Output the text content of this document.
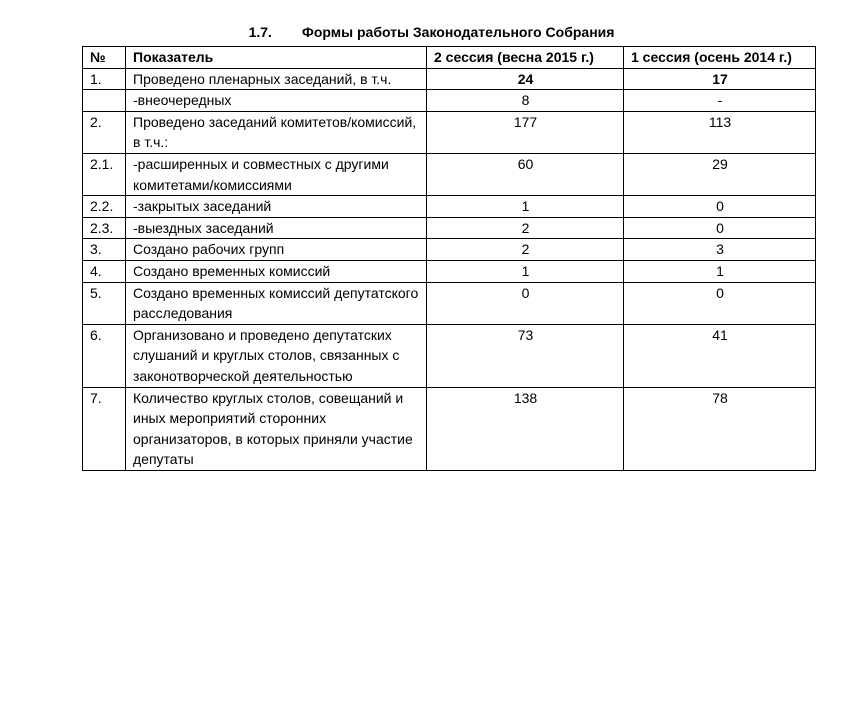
1.7. Формы работы Законодательного Собрания
№	Показатель	2 сессия (весна 2015 г.)	1 сессия (осень 2014 г.)
1.	Проведено пленарных заседаний, в т.ч.	24	17
	-внеочередных	8	-
2.	Проведено заседаний комитетов/комиссий, в т.ч.:	177	113
2.1.	-расширенных и совместных с другими комитетами/комиссиями	60	29
2.2.	-закрытых заседаний	1	0
2.3.	-выездных заседаний	2	0
3.	Создано рабочих групп	2	3
4.	Создано временных комиссий	1	1
5.	Создано временных комиссий депутатского расследования	0	0
6.	Организовано и проведено депутатских слушаний и круглых столов, связанных с законотворческой деятельностью	73	41
7.	Количество круглых столов, совещаний и иных мероприятий сторонних организаторов, в которых приняли участие депутаты	138	78
